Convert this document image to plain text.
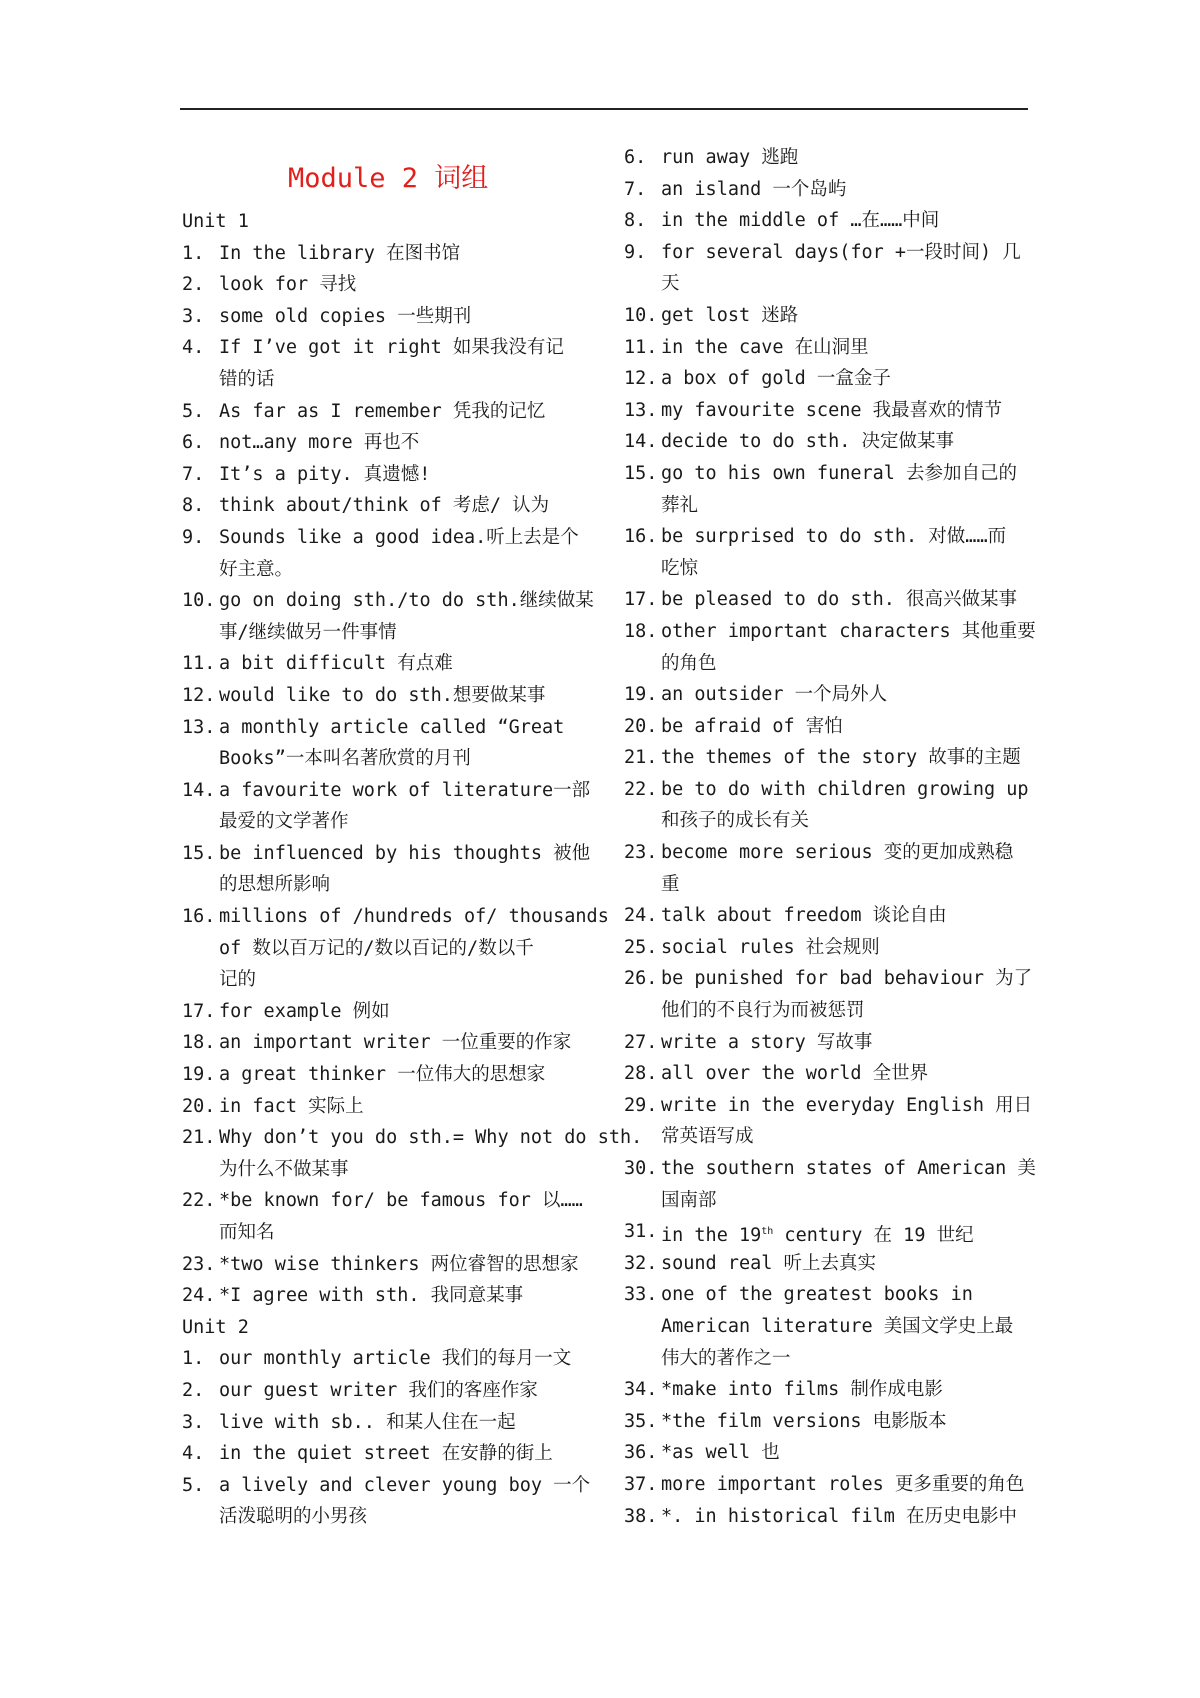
Module 2 词组
Unit 1
1. In the library 在图书馆
2. look for 寻找
3. some old copies 一些期刊
4. If I’ve got it right 如果我没有记
错的话
5. As far as I remember 凭我的记忆
6. not…any more 再也不
7. It’s a pity. 真遗憾!
8. think about/think of 考虑/ 认为
9. Sounds like a good idea.听上去是个
好主意。
10. go on doing sth./to do sth.继续做某
事/继续做另一件事情
11. a bit difficult 有点难
12. would like to do sth.想要做某事
13. a monthly article called “Great
Books”一本叫名著欣赏的月刊
14. a favourite work of literature一部
最爱的文学著作
15. be influenced by his thoughts 被他
的思想所影响
16. millions of /hundreds of/ thousands
of 数以百万记的/数以百记的/数以千
记的
17. for example 例如
18. an important writer 一位重要的作家
19. a great thinker 一位伟大的思想家
20. in fact 实际上
21. Why don’t you do sth.= Why not do sth.
为什么不做某事
22. *be known for/ be famous for 以……
而知名
23. *two wise thinkers 两位睿智的思想家
24. *I agree with sth. 我同意某事
Unit 2
1. our monthly article 我们的每月一文
2. our guest writer 我们的客座作家
3. live with sb.. 和某人住在一起
4. in the quiet street 在安静的街上
5. a lively and clever young boy 一个
活泼聪明的小男孩
6. run away 逃跑
7. an island 一个岛屿
8. in the middle of …在……中间
9. for several days(for +一段时间) 几
天
10. get lost 迷路
11. in the cave 在山洞里
12. a box of gold 一盒金子
13. my favourite scene 我最喜欢的情节
14. decide to do sth. 决定做某事
15. go to his own funeral 去参加自己的
葬礼
16. be surprised to do sth. 对做……而
吃惊
17. be pleased to do sth. 很高兴做某事
18. other important characters 其他重要
的角色
19. an outsider 一个局外人
20. be afraid of 害怕
21. the themes of the story 故事的主题
22. be to do with children growing up
和孩子的成长有关
23. become more serious 变的更加成熟稳
重
24. talk about freedom 谈论自由
25. social rules 社会规则
26. be punished for bad behaviour 为了
他们的不良行为而被惩罚
27. write a story 写故事
28. all over the world 全世界
29. write in the everyday English 用日
常英语写成
30. the southern states of American 美
国南部
31. in the 19th century 在 19 世纪
32. sound real 听上去真实
33. one of the greatest books in
American literature 美国文学史上最
伟大的著作之一
34. *make into films 制作成电影
35. *the film versions 电影版本
36. *as well 也
37. more important roles 更多重要的角色
38. *. in historical film 在历史电影中
